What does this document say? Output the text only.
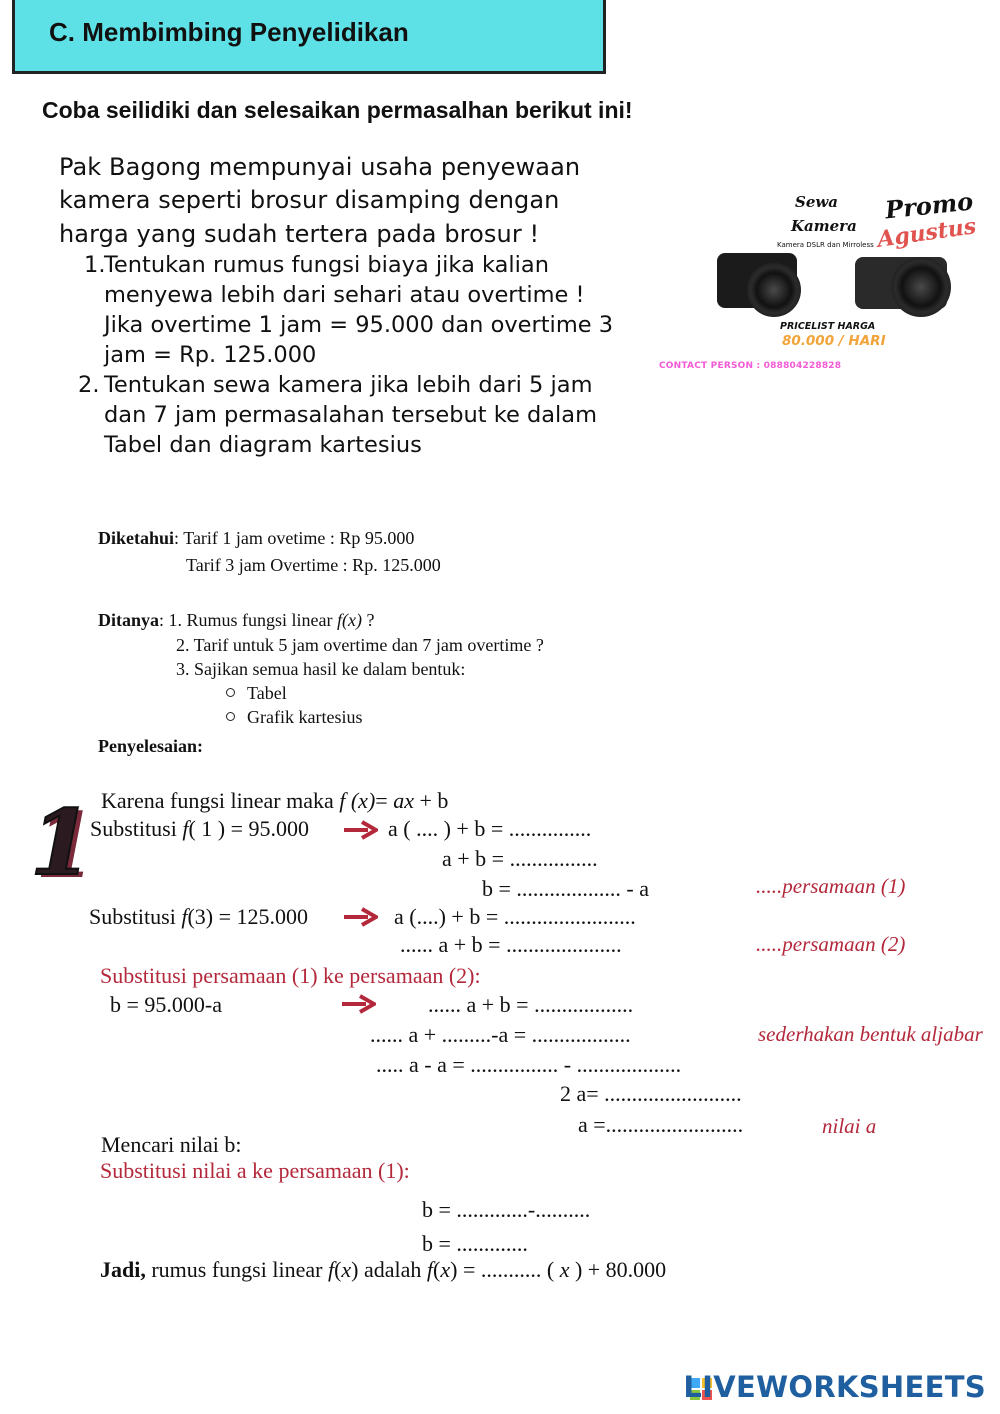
C. Membimbing Penyelidikan
Coba seilidiki dan selesaikan permasalhan berikut ini!
Pak Bagong mempunyai usaha penyewaan
kamera seperti brosur disamping dengan
harga yang sudah tertera pada brosur !
1.
Tentukan rumus fungsi biaya jika kalian
menyewa lebih dari sehari atau overtime !
Jika overtime 1 jam = 95.000 dan overtime 3
jam = Rp. 125.000
2. Tentukan sewa kamera jika lebih dari 5 jam
dan 7 jam permasalahan tersebut ke dalam
Tabel dan diagram kartesius
Sewa
Kamera
Kamera DSLR dan Mirroless
Promo
Agustus
PRICELIST HARGA
80.000 / HARI
CONTACT PERSON : 088804228828
Diketahui: Tarif 1 jam ovetime : Rp 95.000
Tarif 3 jam Overtime : Rp. 125.000
Ditanya: 1. Rumus fungsi linear f(x) ?
2. Tarif untuk 5 jam overtime dan 7 jam overtime ?
3. Sajikan semua hasil ke dalam bentuk:
Tabel
Grafik kartesius
Penyelesaian:
1 Karena fungsi linear maka f (x)= ax + b
Substitusi f( 1 ) = 95.000	a ( .... ) + b = ...............
a + b = ................
b = ................... - a	.....persamaan (1)
Substitusi f(3) = 125.000	a (....) + b = ........................
...... a + b = .....................	.....persamaan (2)
Substitusi persamaan (1) ke persamaan (2):
b = 95.000-a	...... a + b = ..................
...... a + .........-a = ..................	sederhakan bentuk aljabar
..... a - a = ................ - ...................
2 a= .........................
a =.........................	nilai a
Mencari nilai b:
Substitusi nilai a ke persamaan (1):
b = .............-..........
b = .............
Jadi, rumus fungsi linear f(x) adalah f(x) = ........... ( x ) + 80.000
LIVEWORKSHEETS
